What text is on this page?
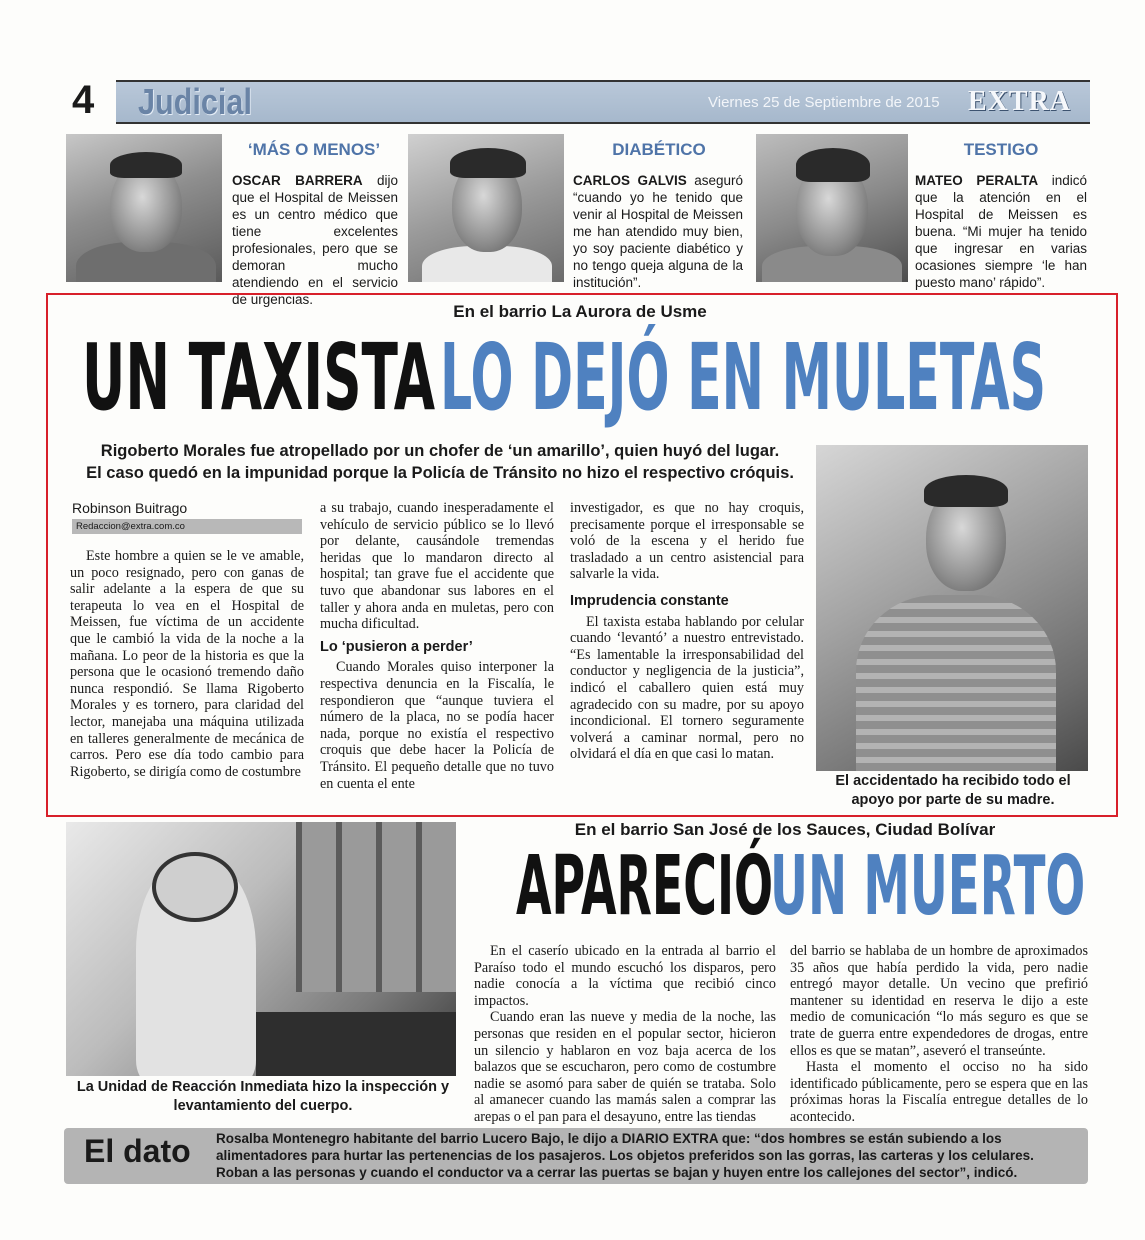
4 Judicial	Viernes 25 de Septiembre de 2015 EXTRA
‘MÁS O MENOS’
OSCAR BARRERA dijo que el Hospital de Meissen es un centro médico que tiene excelentes profesionales, pero que se demoran mucho atendiendo en el servicio de urgencias.
DIABÉTICO
CARLOS GALVIS aseguró “cuando yo he tenido que venir al Hospital de Meissen me han atendido muy bien, yo soy paciente diabético y no tengo queja alguna de la institución”.
TESTIGO
MATEO PERALTA indicó que la atención en el Hospital de Meissen es buena. “Mi mujer ha tenido que ingresar en varias ocasiones siempre ‘le han puesto mano’ rápido”.
En el barrio La Aurora de Usme
UN TAXISTA LO DEJÓ EN MULETAS
Rigoberto Morales fue atropellado por un chofer de ‘un amarillo’, quien huyó del lugar.
El caso quedó en la impunidad porque la Policía de Tránsito no hizo el respectivo cróquis.
Robinson Buitrago
Redaccion@extra.com.co

Este hombre a quien se le ve amable, un poco resignado, pero con ganas de salir adelante a la espera de que su terapeuta lo vea en el Hospital de Meissen, fue víctima de un accidente que le cambió la vida de la noche a la mañana. Lo peor de la historia es que la persona que le ocasionó tremendo daño nunca respondió. Se llama Rigoberto Morales y es tornero, para claridad del lector, manejaba una máquina utilizada en talleres generalmente de mecánica de carros. Pero ese día todo cambio para Rigoberto, se dirigía como de costumbre

a su trabajo, cuando inesperadamente el vehículo de servicio público se lo llevó por delante, causándole tremendas heridas que lo mandaron directo al hospital; tan grave fue el accidente que tuvo que abandonar sus labores en el taller y ahora anda en muletas, pero con mucha dificultad.

Lo ‘pusieron a perder’

Cuando Morales quiso interponer la respectiva denuncia en la Fiscalía, le respondieron que “aunque tuviera el número de la placa, no se podía hacer nada, porque no existía el respectivo croquis que debe hacer la Policía de Tránsito. El pequeño detalle que no tuvo en cuenta el ente

investigador, es que no hay croquis, precisamente porque el irresponsable se voló de la escena y el herido fue trasladado a un centro asistencial para salvarle la vida.

Imprudencia constante

El taxista estaba hablando por celular cuando ‘levantó’ a nuestro entrevistado. “Es lamentable la irresponsabilidad del conductor y negligencia de la justicia”, indicó el caballero quien está muy agradecido con su madre, por su apoyo incondicional. El tornero seguramente volverá a caminar normal, pero no olvidará el día en que casi lo matan.

El accidentado ha recibido todo el apoyo por parte de su madre.
La Unidad de Reacción Inmediata hizo la inspección y levantamiento del cuerpo.
En el barrio San José de los Sauces, Ciudad Bolívar
APARECIÓ
UN MUERTO

En el caserío ubicado en la entrada al barrio el Paraíso todo el mundo escuchó los disparos, pero nadie conocía a la víctima que recibió cinco impactos.

Cuando eran las nueve y media de la noche, las personas que residen en el popular sector, hicieron un silencio y hablaron en voz baja acerca de los balazos que se escucharon, pero como de costumbre nadie se asomó para saber de quién se trataba. Solo al amanecer cuando las mamás salen a comprar las arepas o el pan para el desayuno, entre las tiendas

del barrio se hablaba de un hombre de aproximados 35 años que había perdido la vida, pero nadie entregó mayor detalle. Un vecino que prefirió mantener su identidad en reserva le dijo a este medio de comunicación “lo más seguro es que se trate de guerra entre expendedores de drogas, entre ellos es que se matan”, aseveró el transeúnte.

Hasta el momento el occiso no ha sido identificado públicamente, pero se espera que en las próximas horas la Fiscalía entregue detalles de lo acontecido.

El dato Rosalba Montenegro habitante del barrio Lucero Bajo, le dijo a DIARIO EXTRA que: “dos hombres se están subiendo a los alimentadores para hurtar las pertenencias de los pasajeros. Los objetos preferidos son las gorras, las carteras y los celulares. Roban a las personas y cuando el conductor va a cerrar las puertas se bajan y huyen entre los callejones del sector”, indicó.
